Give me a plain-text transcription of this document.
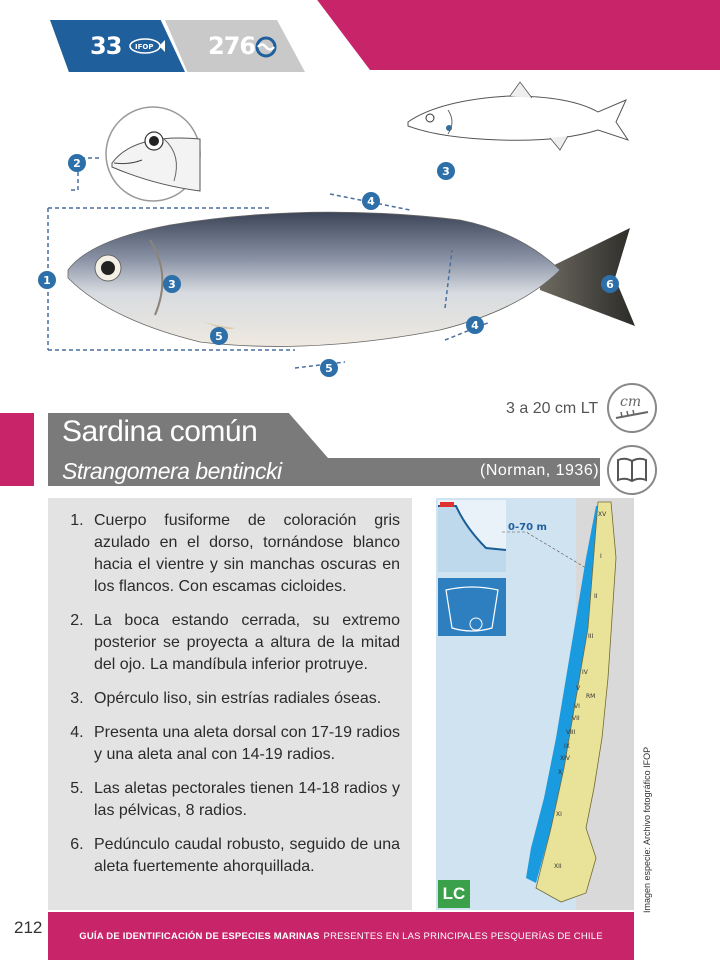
33 IFOP 276
1
2
3
3
4
4
5
5
6
3 a 20 cm LT cm
Sardina común
Strangomera bentincki	(Norman, 1936)
1. Cuerpo fusiforme de coloración gris azulado en el dorso, tornándose blanco hacia el vientre y sin manchas oscuras en los flancos. Con escamas cicloides.
2. La boca estando cerrada, su extremo posterior se proyecta a altura de la mitad del ojo. La mandíbula inferior protruye.
3. Opérculo liso, sin estrías radiales óseas.
4. Presenta una aleta dorsal con 17-19 radios y una aleta anal con 14-19 radios.
5. Las aletas pectorales tienen 14-18 radios y las pélvicas, 8 radios.
6. Pedúnculo caudal robusto, seguido de una aleta fuertemente ahorquillada.
0-70 m
XV
I
II
III
IV
V
RM
VI
VII
VIII
IX
XIV
X
XI
XII
LC	Imagen especie: Archivo fotográfico IFOP
212	GUÍA DE IDENTIFICACIÓN DE ESPECIES MARINAS PRESENTES EN LAS PRINCIPALES PESQUERÍAS DE CHILE
